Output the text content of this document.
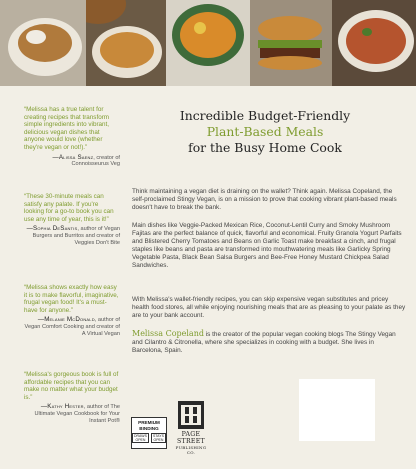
“Melissa has a true talent for creating recipes that transform simple ingredients into vibrant, delicious vegan dishes that anyone would love (whether they're vegan or not!).”

—Alissa Saenz, creator of Connoisseurus Veg

“These 30-minute meals can satisfy any palate. If you're looking for a go-to book you can use any time of year, this is it!”

—Sophia DeSantis, author of Vegan Burgers and Burritos and creator of Veggies Don't Bite

“Melissa shows exactly how easy it is to make flavorful, imaginative, frugal vegan food! It's a must-have for anyone.”

—Melanie McDonald, author of Vegan Comfort Cooking and creator of A Virtual Vegan

“Melissa's gorgeous book is full of affordable recipes that you can make no matter what your budget is.”

—Kathy Hester, author of The Ultimate Vegan Cookbook for Your Instant Pot®

Incredible Budget-Friendly
Plant-Based Meals
for the Busy Home Cook

Think maintaining a vegan diet is draining on the wallet? Think again. Melissa Copeland, the self-proclaimed Stingy Vegan, is on a mission to prove that cooking vibrant plant-based meals doesn't have to break the bank.

Main dishes like Veggie-Packed Mexican Rice, Coconut-Lentil Curry and Smoky Mushroom Fajitas are the perfect balance of quick, flavorful and economical. Fruity Granola Yogurt Parfaits and Blistered Cherry Tomatoes and Beans on Garlic Toast make breakfast a cinch, and frugal staples like beans and pasta are transformed into mouthwatering meals like Garlicky Spring Vegetable Pasta, Black Bean Salsa Burgers and Bee-Free Honey Mustard Chickpea Salad Sandwiches.

With Melissa's wallet-friendly recipes, you can skip expensive vegan substitutes and pricey health food stores, all while enjoying nourishing meals that are as pleasing to your palate as they are to your bank account.

Melissa Copeland is the creator of the popular vegan cooking blogs The Stingy Vegan and Cilantro & Citronella, where she specializes in cooking with a budget. She lives in Barcelona, Spain.

PREMIUM BINDING
DRAWS OPEN
STAYS OPEN
PAGE STREET
PUBLISHING CO.
